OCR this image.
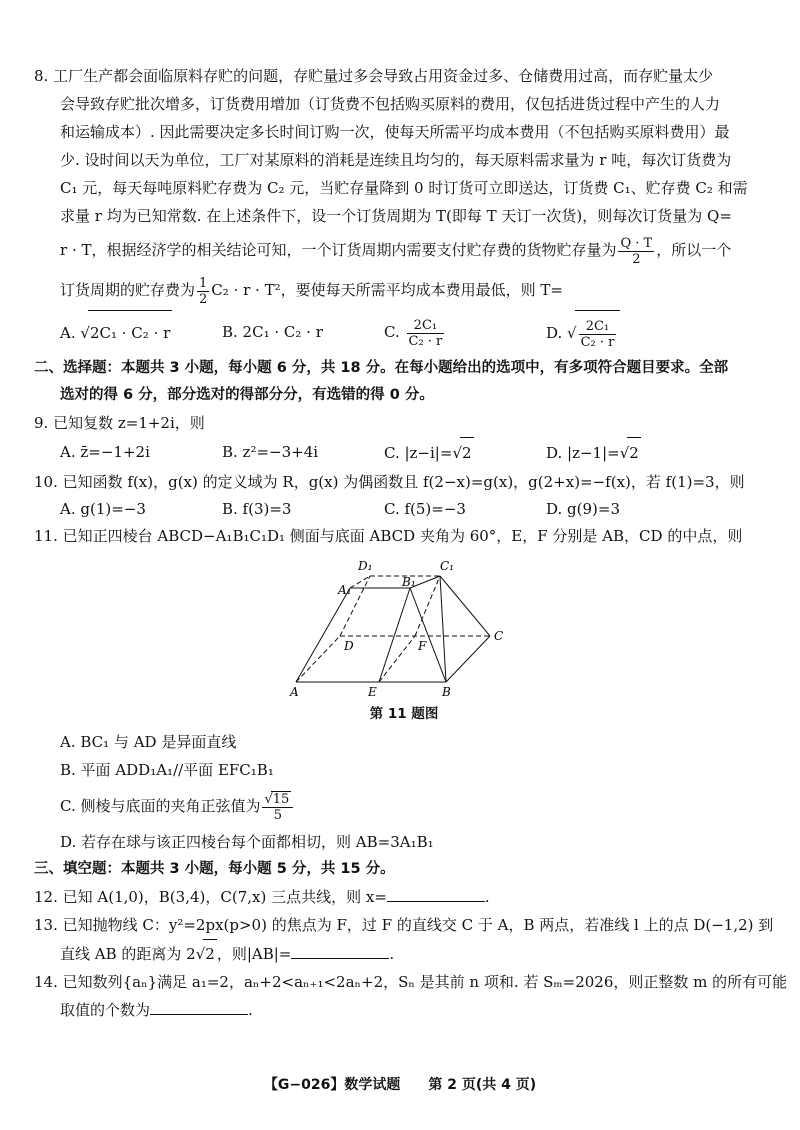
8. 工厂生产都会面临原料存贮的问题，存贮量过多会导致占用资金过多、仓储费用过高，而存贮量太少
会导致存贮批次增多，订货费用增加（订货费不包括购买原料的费用，仅包括进货过程中产生的人力
和运输成本）. 因此需要决定多长时间订购一次，使每天所需平均成本费用（不包括购买原料费用）最
少. 设时间以天为单位，工厂对某原料的消耗是连续且均匀的，每天原料需求量为 r 吨，每次订货费为
C₁ 元，每天每吨原料贮存费为 C₂ 元，当贮存量降到 0 时订货可立即送达，订货费 C₁、贮存费 C₂ 和需
求量 r 均为已知常数. 在上述条件下，设一个订货周期为 T(即每 T 天订一次货)，则每次订货量为 Q=
r · T，根据经济学的相关结论可知，一个订货周期内需要支付贮存费的货物贮存量为 $\frac{Q \cdot T}{2}$ ，所以一个
订货周期的贮存费为 $\frac{1}{2} C_2 \cdot r \cdot T^2$，要使每天所需平均成本费用最低，则 T=
A. √2C₁ · C₂ · r	B. 2C₁ · C₂ · r	C. $\frac{\text{2C₁}}{\text{C₂ · r}}$	D. √ $\frac{\text{2C₁}}{\text{C₂ · r}}$
二、选择题：本题共 3 小题，每小题 6 分，共 18 分。在每小题给出的选项中，有多项符合题目要求。全部
选对的得 6 分，部分选对的得部分分，有选错的得 0 分。
9. 已知复数 z=1+2i，则
A. z̄=−1+2i	B. z²=−3+4i	C. |z−i|=√2	D. |z−1|=√2
10. 已知函数 f(x)，g(x) 的定义域为 R，g(x) 为偶函数且 f(2−x)=g(x)，g(2+x)=−f(x)，若 f(1)=3，则
A. g(1)=−3	B. f(3)=3	C. f(5)=−3	D. g(9)=3
11. 已知正四棱台 ABCD−A₁B₁C₁D₁ 侧面与底面 ABCD 夹角为 60°，E，F 分别是 AB，CD 的中点，则
A	B
C
D
E
F
A₁
B₁
C₁
D₁
第 11 题图
A. BC₁ 与 AD 是异面直线
B. 平面 ADD₁A₁//平面 EFC₁B₁
C. 侧棱与底面的夹角正弦值为 $\frac{√15}{5}$
D. 若存在球与该正四棱台每个面都相切，则 AB=3A₁B₁
三、填空题：本题共 3 小题，每小题 5 分，共 15 分。
12. 已知 A(1,0)，B(3,4)，C(7,x) 三点共线，则 x=	.
13. 已知抛物线 C：y²=2px(p>0) 的焦点为 F，过 F 的直线交 C 于 A，B 两点，若准线 l 上的点 D(−1,2) 到
直线 AB 的距离为 2√2 ，则|AB|=	.
14. 已知数列{aₙ}满足 a₁=2，aₙ+2<aₙ₊₁<2aₙ+2，Sₙ 是其前 n 项和. 若 Sₘ=2026，则正整数 m 的所有可能
取值的个数为	.
【G−026】数学试题 第 2 页(共 4 页)
